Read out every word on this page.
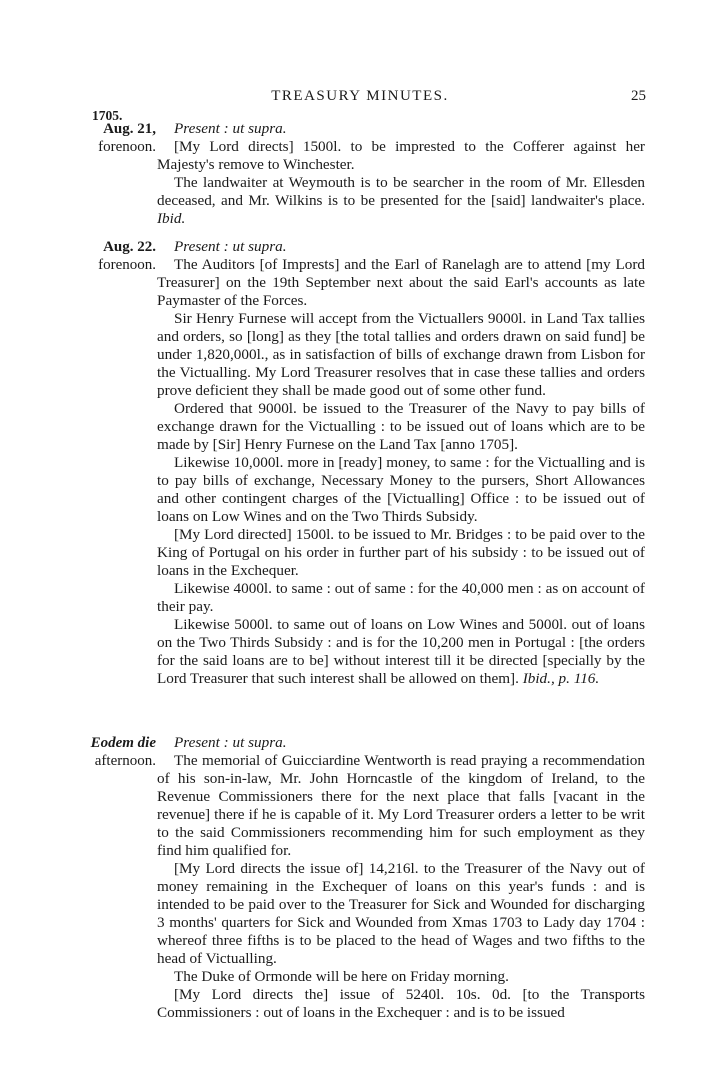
TREASURY MINUTES.	25
1705.
Aug. 21,
forenoon.

Present : ut supra.

[My Lord directs] 1500l. to be imprested to the Cofferer against her Majesty's remove to Winchester.

The landwaiter at Weymouth is to be searcher in the room of Mr. Ellesden deceased, and Mr. Wilkins is to be presented for the [said] landwaiter's place. Ibid.

Aug. 22.
forenoon.

Present : ut supra.

The Auditors [of Imprests] and the Earl of Ranelagh are to attend [my Lord Treasurer] on the 19th September next about the said Earl's accounts as late Paymaster of the Forces.

Sir Henry Furnese will accept from the Victuallers 9000l. in Land Tax tallies and orders, so [long] as they [the total tallies and orders drawn on said fund] be under 1,820,000l., as in satisfaction of bills of exchange drawn from Lisbon for the Victualling. My Lord Treasurer resolves that in case these tallies and orders prove deficient they shall be made good out of some other fund.

Ordered that 9000l. be issued to the Treasurer of the Navy to pay bills of exchange drawn for the Victualling : to be issued out of loans which are to be made by [Sir] Henry Furnese on the Land Tax [anno 1705].

Likewise 10,000l. more in [ready] money, to same : for the Victualling and is to pay bills of exchange, Necessary Money to the pursers, Short Allowances and other contingent charges of the [Victualling] Office : to be issued out of loans on Low Wines and on the Two Thirds Subsidy.

[My Lord directed] 1500l. to be issued to Mr. Bridges : to be paid over to the King of Portugal on his order in further part of his subsidy : to be issued out of loans in the Exchequer.

Likewise 4000l. to same : out of same : for the 40,000 men : as on account of their pay.

Likewise 5000l. to same out of loans on Low Wines and 5000l. out of loans on the Two Thirds Subsidy : and is for the 10,200 men in Portugal : [the orders for the said loans are to be] without interest till it be directed [specially by the Lord Treasurer that such interest shall be allowed on them]. Ibid., p. 116.

Eodem die
afternoon.

Present : ut supra.

The memorial of Guicciardine Wentworth is read praying a recommendation of his son-in-law, Mr. John Horncastle of the kingdom of Ireland, to the Revenue Commissioners there for the next place that falls [vacant in the revenue] there if he is capable of it. My Lord Treasurer orders a letter to be writ to the said Commissioners recommending him for such employment as they find him qualified for.

[My Lord directs the issue of] 14,216l. to the Treasurer of the Navy out of money remaining in the Exchequer of loans on this year's funds : and is intended to be paid over to the Treasurer for Sick and Wounded for discharging 3 months' quarters for Sick and Wounded from Xmas 1703 to Lady day 1704 : whereof three fifths is to be placed to the head of Wages and two fifths to the head of Victualling.

The Duke of Ormonde will be here on Friday morning.

[My Lord directs the] issue of 5240l. 10s. 0d. [to the Transports Commissioners : out of loans in the Exchequer : and is to be issued
